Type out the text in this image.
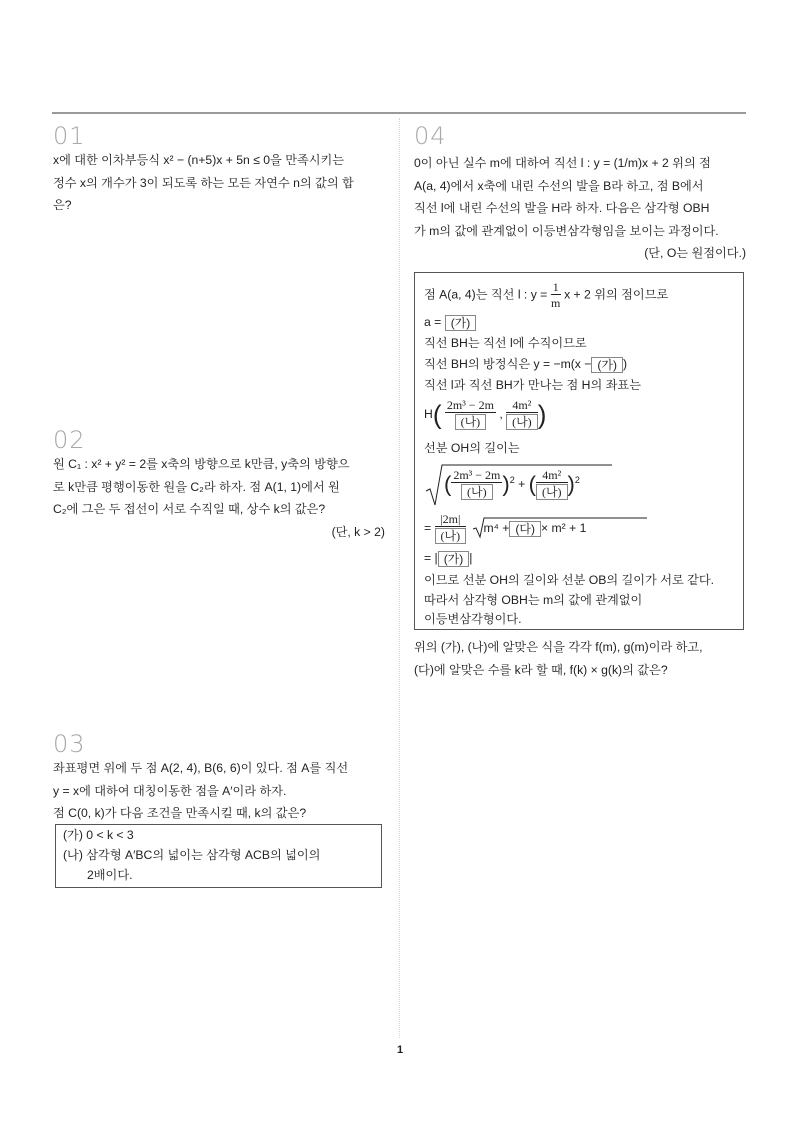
01
x에 대한 이차부등식 x² − (n+5)x + 5n ≤ 0을 만족시키는

정수 x의 개수가 3이 되도록 하는 모든 자연수 n의 값의 합

은?
02
원 C₁ : x² + y² = 2를 x축의 방향으로 k만큼, y축의 방향으

로 k만큼 평행이동한 원을 C₂라 하자. 점 A(1, 1)에서 원

C₂에 그은 두 접선이 서로 수직일 때, 상수 k의 값은?

(단, k > 2)
03
좌표평면 위에 두 점 A(2, 4), B(6, 6)이 있다. 점 A를 직선

y = x에 대하여 대칭이동한 점을 A′이라 하자.

점 C(0, k)가 다음 조건을 만족시킬 때, k의 값은?
(가) 0 < k < 3
(나) 삼각형 A′BC의 넓이는 삼각형 ACB의 넓이의
2배이다.
04
0이 아닌 실수 m에 대하여 직선 l : y = (1/m)x + 2 위의 점

A(a, 4)에서 x축에 내린 수선의 발을 B라 하고, 점 B에서

직선 l에 내린 수선의 발을 H라 하자. 다음은 삼각형 OBH

가 m의 값에 관계없이 이등변삼각형임을 보이는 과정이다.

(단, O는 원점이다.)
점 A(a, 4)는 직선 l : $y = \frac{1}{m}$ x + 2 위의 점이므로
a = (가)
직선 BH는 직선 l에 수직이므로
직선 BH의 방정식은 y = −m(x − (가) )
직선 l과 직선 BH가 만나는 점 H의 좌표는
$H( \frac{\text{2m³ − 2m}}{\text{(나)}}$ , $\frac{\text{4m²}}{\text{(나)}}$ )
선분 OH의 길이는
( $\frac{\text{2m³ − 2m}}{\text{(나)}} )^2$ + ( $\frac{\text{4m²}}{\text{(나)}} )^2$
= $\frac{|2m|}{\text{(나)}}$
m⁴ + (다) × m² + 1
= | (가) |
이므로 선분 OH의 길이와 선분 OB의 길이가 서로 같다.
따라서 삼각형 OBH는 m의 값에 관계없이
이등변삼각형이다.
위의 (가), (나)에 알맞은 식을 각각 f(m), g(m)이라 하고,

(다)에 알맞은 수를 k라 할 때, f(k) × g(k)의 값은?
1
